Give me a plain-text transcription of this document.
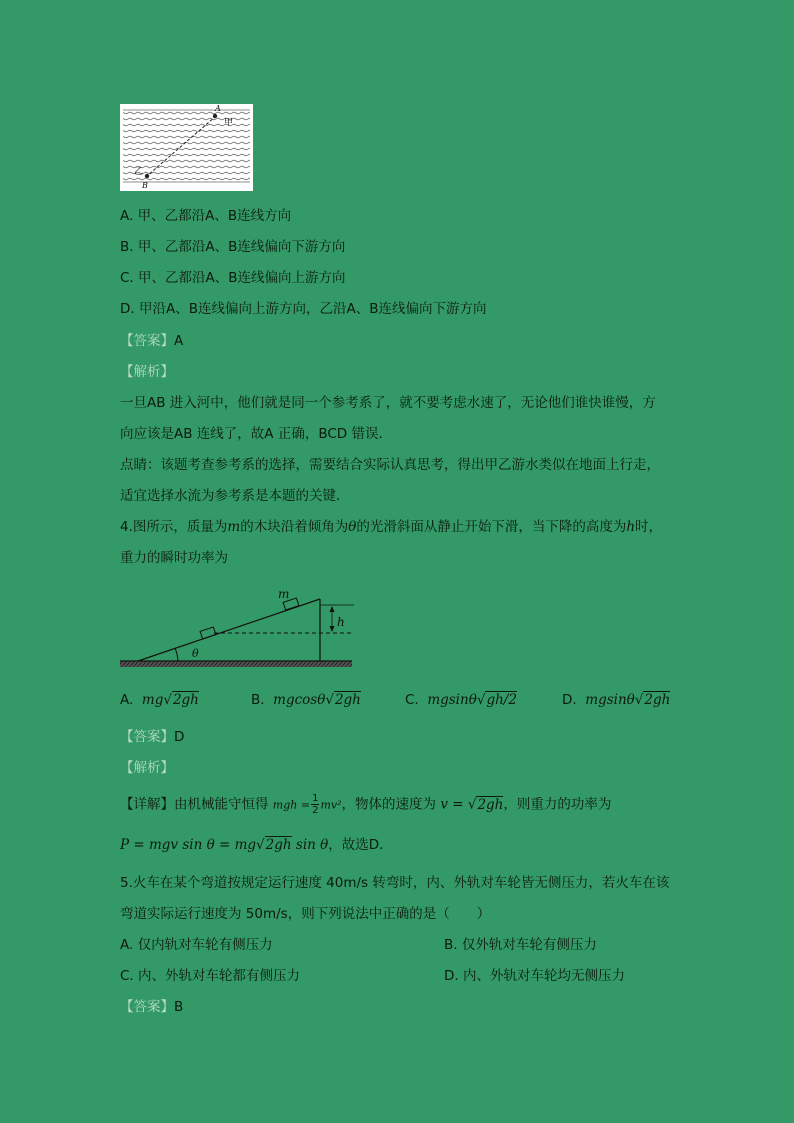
A
甲
乙
B
A. 甲、乙都沿A、B连线方向
B. 甲、乙都沿A、B连线偏向下游方向
C. 甲、乙都沿A、B连线偏向上游方向
D. 甲沿A、B连线偏向上游方向，乙沿A、B连线偏向下游方向
【答案】A
【解析】
一旦AB 进入河中，他们就是同一个参考系了，就不要考虑水速了，无论他们谁快谁慢，方
向应该是AB 连线了，故A 正确，BCD 错误．
点睛：该题考查参考系的选择，需要结合实际认真思考，得出甲乙游水类似在地面上行走，
适宜选择水流为参考系是本题的关键．
4.图所示，质量为m的木块沿着倾角为θ的光滑斜面从静止开始下滑，当下降的高度为h时，
重力的瞬时功率为
m
h
θ
A. mg√2gh	B. mgcosθ√2gh	C. mgsinθ√gh/2	D. mgsinθ√2gh
【答案】D
【解析】
【详解】由机械能守恒得 mgh = $\frac{1}{2} mv^2$，物体的速度为 v = √2gh，则重力的功率为
P = mgv sin θ = mg√2gh sin θ，故选D．
5.火车在某个弯道按规定运行速度 40m/s 转弯时，内、外轨对车轮皆无侧压力，若火车在该
弯道实际运行速度为 50m/s，则下列说法中正确的是（　　）
A. 仅内轨对车轮有侧压力	B. 仅外轨对车轮有侧压力
C. 内、外轨对车轮都有侧压力	D. 内、外轨对车轮均无侧压力
【答案】B
